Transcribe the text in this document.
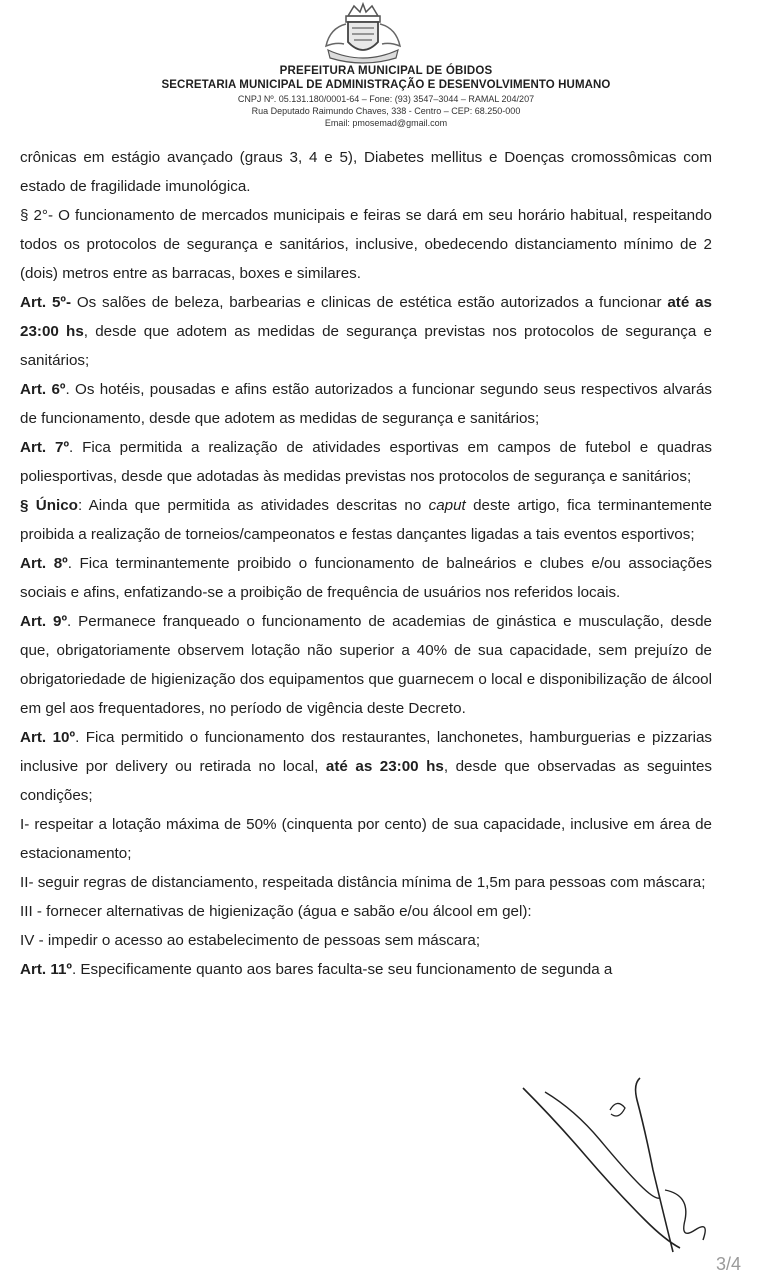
PREFEITURA MUNICIPAL DE ÓBIDOS
SECRETARIA MUNICIPAL DE ADMINISTRAÇÃO E DESENVOLVIMENTO HUMANO
CNPJ Nº. 05.131.180/0001-64 – Fone: (93) 3547–3044 – RAMAL 204/207
Rua Deputado Raimundo Chaves, 338 - Centro – CEP: 68.250-000
Email: pmosemad@gmail.com

crônicas em estágio avançado (graus 3, 4 e 5), Diabetes mellitus e Doenças cromossômicas com estado de fragilidade imunológica.

§ 2°- O funcionamento de mercados municipais e feiras se dará em seu horário habitual, respeitando todos os protocolos de segurança e sanitários, inclusive, obedecendo distanciamento mínimo de 2 (dois) metros entre as barracas, boxes e similares.

Art. 5º- Os salões de beleza, barbearias e clinicas de estética estão autorizados a funcionar até as 23:00 hs, desde que adotem as medidas de segurança previstas nos protocolos de segurança e sanitários;

Art. 6º. Os hotéis, pousadas e afins estão autorizados a funcionar segundo seus respectivos alvarás de funcionamento, desde que adotem as medidas de segurança e sanitários;

Art. 7º. Fica permitida a realização de atividades esportivas em campos de futebol e quadras poliesportivas, desde que adotadas às medidas previstas nos protocolos de segurança e sanitários;

§ Único: Ainda que permitida as atividades descritas no caput deste artigo, fica terminantemente proibida a realização de torneios/campeonatos e festas dançantes ligadas a tais eventos esportivos;

Art. 8º. Fica terminantemente proibido o funcionamento de balneários e clubes e/ou associações sociais e afins, enfatizando-se a proibição de frequência de usuários nos referidos locais.

Art. 9º. Permanece franqueado o funcionamento de academias de ginástica e musculação, desde que, obrigatoriamente observem lotação não superior a 40% de sua capacidade, sem prejuízo de obrigatoriedade de higienização dos equipamentos que guarnecem o local e disponibilização de álcool em gel aos frequentadores, no período de vigência deste Decreto.

Art. 10º. Fica permitido o funcionamento dos restaurantes, lanchonetes, hamburguerias e pizzarias inclusive por delivery ou retirada no local, até as 23:00 hs, desde que observadas as seguintes condições;

I- respeitar a lotação máxima de 50% (cinquenta por cento) de sua capacidade, inclusive em área de estacionamento;

II- seguir regras de distanciamento, respeitada distância mínima de 1,5m para pessoas com máscara;

III - fornecer alternativas de higienização (água e sabão e/ou álcool em gel):

IV - impedir o acesso ao estabelecimento de pessoas sem máscara;

Art. 11º. Especificamente quanto aos bares faculta-se seu funcionamento de segunda a

3/4
